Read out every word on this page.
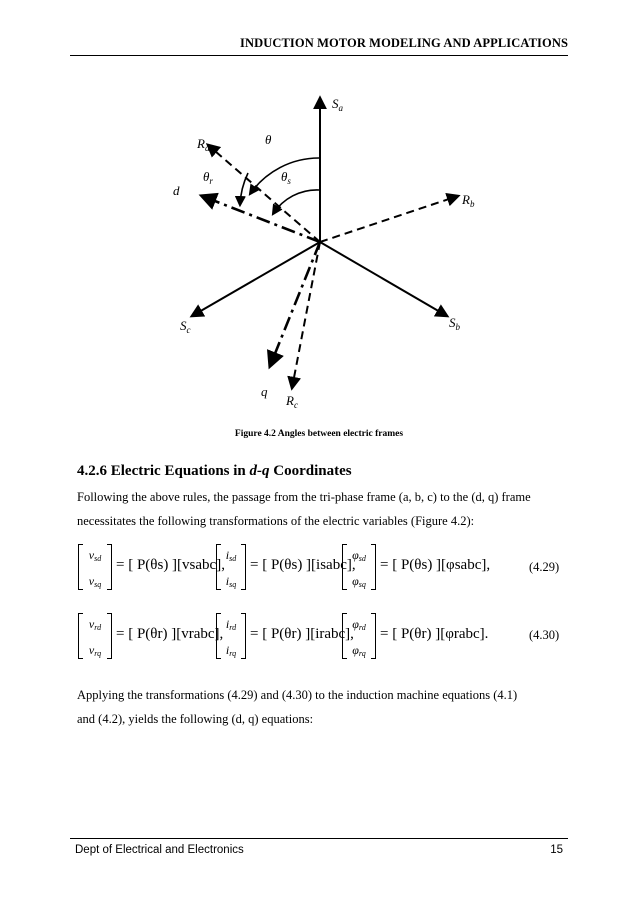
INDUCTION MOTOR MODELING AND APPLICATIONS
$S_a$
$R_a$
θ
$\theta_r$	$\theta_s$
d
$R_b$
$S_c$	$S_b$
q
$R_c$
Figure 4.2 Angles between electric frames
4.2.6 Electric Equations in d-q Coordinates
Following the above rules, the passage from the tri-phase frame (a, b, c) to the (d, q) frame
necessitates the following transformations of the electric variables (Figure 4.2):
$v_{sd}$
$v_{sq}$
= [ P(θs) ][vsabc],
$i_{sd}$
$i_{sq}$
= [ P(θs) ][isabc],
$\varphi_{sd}$
$\varphi_{sq}$
= [ P(θs) ][φsabc],	(4.29)
$v_{rd}$
$v_{rq}$
= [ P(θr) ][vrabc],
$i_{rd}$
$i_{rq}$
= [ P(θr) ][irabc],
$\varphi_{rd}$
$\varphi_{rq}$
= [ P(θr) ][φrabc].	(4.30)
Applying the transformations (4.29) and (4.30) to the induction machine equations (4.1)
and (4.2), yields the following (d, q) equations:
Dept of Electrical and Electronics	15
